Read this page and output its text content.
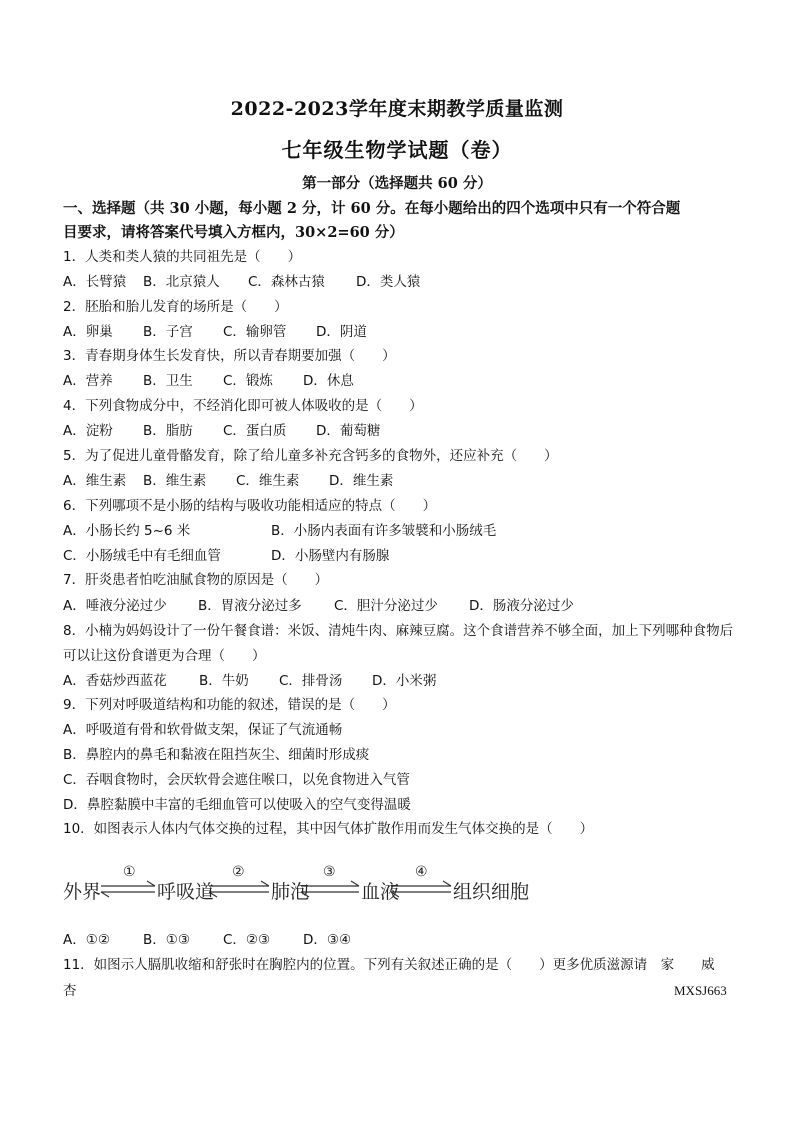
2022-2023学年度末期教学质量监测
七年级生物学试题（卷）
第一部分（选择题共 60 分）
一、选择题（共 30 小题，每小题 2 分，计 60 分。在每小题给出的四个选项中只有一个符合题
目要求，请将答案代号填入方框内，30×2=60 分）
1．人类和类人猿的共同祖先是（　　）
A．长臂猿 B．北京猿人 C．森林古猿 D．类人猿
2．胚胎和胎儿发育的场所是（　　）
A．卵巢 B．子宫 C．输卵管 D．阴道
3．青春期身体生长发育快，所以青春期要加强（　　）
A．营养 B．卫生 C．锻炼 D．休息
4．下列食物成分中，不经消化即可被人体吸收的是（　　）
A．淀粉 B．脂肪 C．蛋白质 D．葡萄糖
5．为了促进儿童骨骼发育，除了给儿童多补充含钙多的食物外，还应补充（　　）
A．维生素 B．维生素 C．维生素 D．维生素
6．下列哪项不是小肠的结构与吸收功能相适应的特点（　　）
A．小肠长约 5~6 米	B．小肠内表面有许多皱襞和小肠绒毛
C．小肠绒毛中有毛细血管	D．小肠壁内有肠腺
7．肝炎患者怕吃油腻食物的原因是（　　）
A．唾液分泌过少 B．胃液分泌过多 C．胆汁分泌过少 D．肠液分泌过少
8．小楠为妈妈设计了一份午餐食谱：米饭、清炖牛肉、麻辣豆腐。这个食谱营养不够全面，加上下列哪种食物后可以让这份食谱更为合理（　　）
A．香菇炒西蓝花 B．牛奶 C．排骨汤 D．小米粥
9．下列对呼吸道结构和功能的叙述，错误的是（　　）
A．呼吸道有骨和软骨做支架，保证了气流通畅
B．鼻腔内的鼻毛和黏液在阻挡灰尘、细菌时形成痰
C．吞咽食物时，会厌软骨会遮住喉口，以免食物进入气管
D．鼻腔黏膜中丰富的毛细血管可以使吸入的空气变得温暖
10．如图表示人体内气体交换的过程，其中因气体扩散作用而发生气体交换的是（　　）
①	②	③	④
外界	呼吸道	肺泡	血液	组织细胞
A．①② B．①③ C．②③ D．③④
11．如图示人膈肌收缩和舒张时在胸腔内的位置。下列有关叙述正确的是（　　）更多优质滋源请　家　　威
杏	MXSJ663
